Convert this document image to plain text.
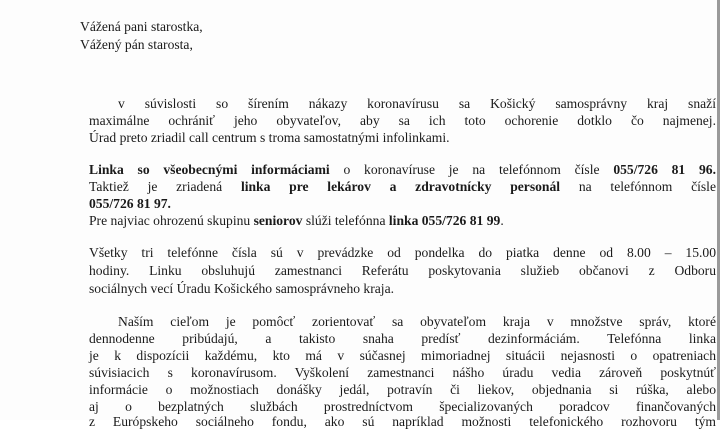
Vážená pani starostka,
Vážený pán starosta,
v súvislosti so šírením nákazy koronavírusu sa Košický samosprávny kraj snaží
maximálne ochrániť jeho obyvateľov, aby sa ich toto ochorenie dotklo čo najmenej.
Úrad preto zriadil call centrum s troma samostatnými infolinkami.
Linka so všeobecnými informáciami o koronavíruse je na telefónnom čísle 055/726 81 96.
Taktiež je zriadená linka pre lekárov a zdravotnícky personál na telefónnom čísle
055/726 81 97.
Pre najviac ohrozenú skupinu seniorov slúži telefónna linka 055/726 81 99.
Všetky tri telefónne čísla sú v prevádzke od pondelka do piatka denne od 8.00 – 15.00
hodiny. Linku obsluhujú zamestnanci Referátu poskytovania služieb občanovi z Odboru
sociálnych vecí Úradu Košického samosprávneho kraja.
Naším cieľom je pomôcť zorientovať sa obyvateľom kraja v množstve správ, ktoré
dennodenne pribúdajú, a takisto snaha predísť dezinformáciám. Telefónna linka
je k dispozícii každému, kto má v súčasnej mimoriadnej situácii nejasnosti o opatreniach
súvisiacich s koronavírusom. Vyškolení zamestnanci nášho úradu vedia zároveň poskytnúť
informácie o možnostiach donášky jedál, potravín či liekov, objednania si rúška, alebo
aj o bezplatných službách prostredníctvom špecializovaných poradcov finančovaných
z Európskeho sociálneho fondu, ako sú napríklad možnosti telefonického rozhovoru tým
